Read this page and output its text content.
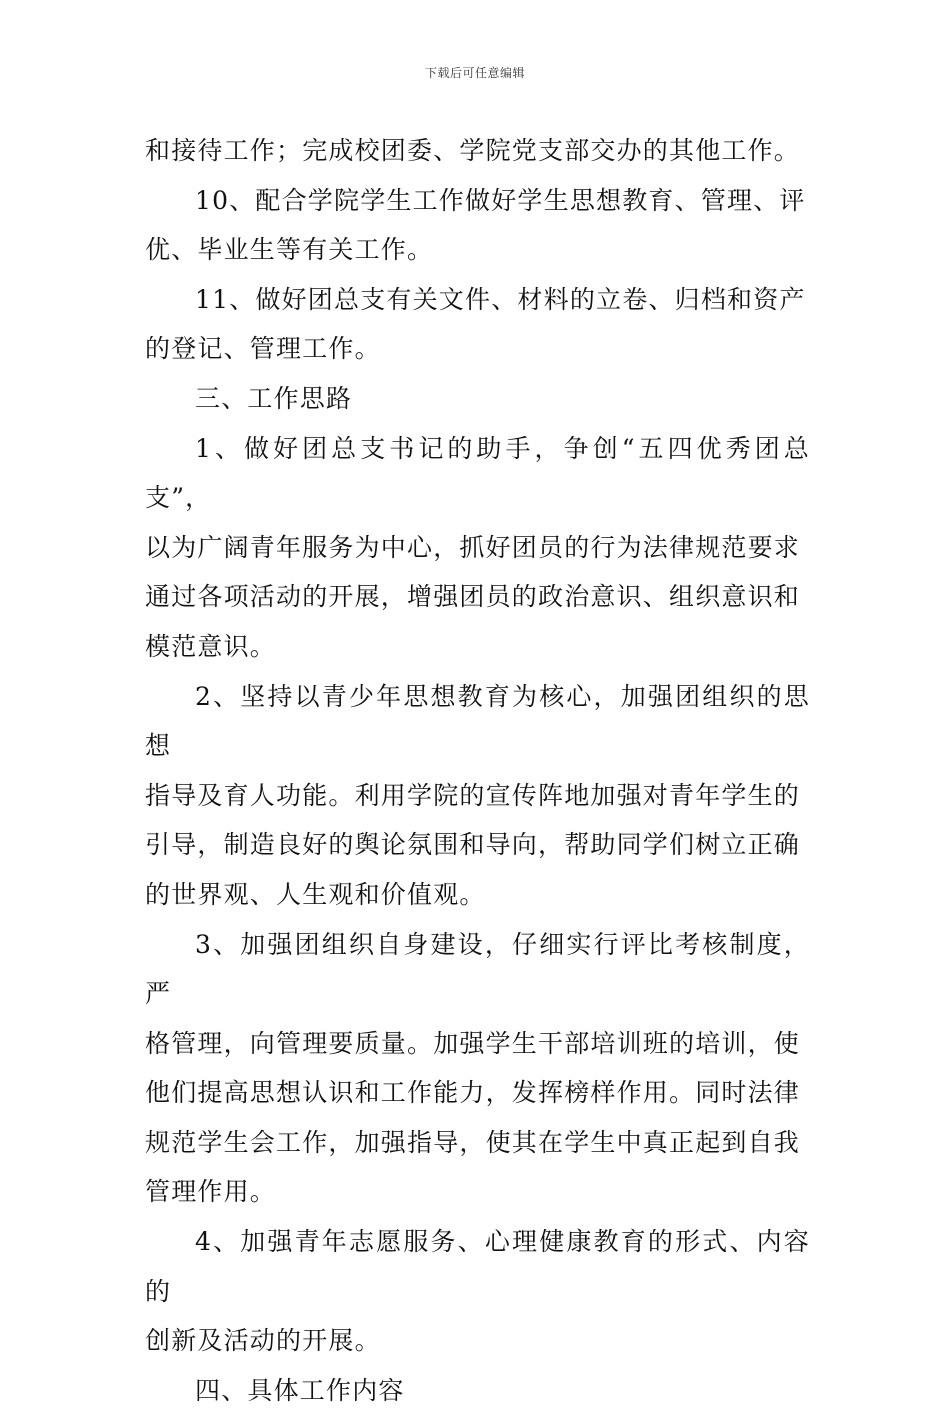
下载后可任意编辑

和接待工作；完成校团委、学院党支部交办的其他工作。

10、配合学院学生工作做好学生思想教育、管理、评
优、毕业生等有关工作。

11、做好团总支有关文件、材料的立卷、归档和资产
的登记、管理工作。

三、工作思路

1、做好团总支书记的助手，争创“五四优秀团总支”，
以为广阔青年服务为中心，抓好团员的行为法律规范要求
通过各项活动的开展，增强团员的政治意识、组织意识和
模范意识。

2、坚持以青少年思想教育为核心，加强团组织的思想
指导及育人功能。利用学院的宣传阵地加强对青年学生的
引导，制造良好的舆论氛围和导向，帮助同学们树立正确
的世界观、人生观和价值观。

3、加强团组织自身建设，仔细实行评比考核制度，严
格管理，向管理要质量。加强学生干部培训班的培训，使
他们提高思想认识和工作能力，发挥榜样作用。同时法律
规范学生会工作，加强指导，使其在学生中真正起到自我
管理作用。

4、加强青年志愿服务、心理健康教育的形式、内容的
创新及活动的开展。

四、具体工作内容
